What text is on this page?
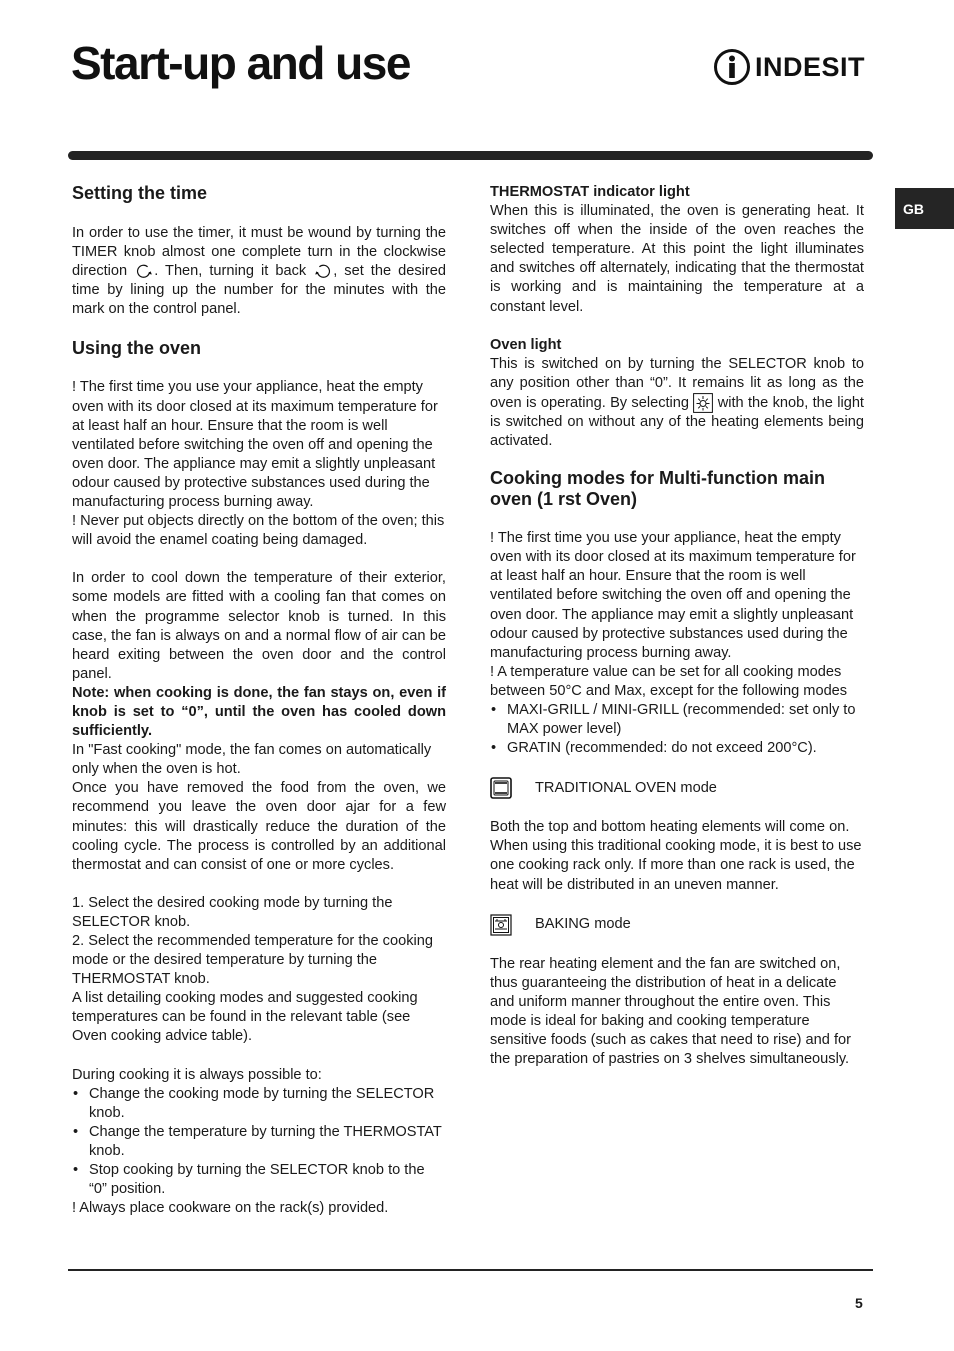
Start-up and use	INDESIT
GB
Setting the time

In order to use the timer, it must be wound by turning the TIMER knob almost one complete turn in the clockwise direction . Then, turning it back , set the desired time by lining up the number for the minutes with the mark on the control panel.

Using the oven

! The first time you use your appliance, heat the empty oven with its door closed at its maximum temperature for at least half an hour. Ensure that the room is well ventilated before switching the oven off and opening the oven door. The appliance may emit a slightly unpleasant odour caused by protective substances used during the manufacturing process burning away.

! Never put objects directly on the bottom of the oven; this will avoid the enamel coating being damaged.

In order to cool down the temperature of their exterior, some models are fitted with a cooling fan that comes on when the programme selector knob is turned. In this case, the fan is always on and a normal flow of air can be heard exiting between the oven door and the control panel.

Note: when cooking is done, the fan stays on, even if knob is set to “0”, until the oven has cooled down sufficiently.

In "Fast cooking" mode, the fan comes on automatically only when the oven is hot.

Once you have removed the food from the oven, we recommend you leave the oven door ajar for a few minutes: this will drastically reduce the duration of the cooling cycle. The process is controlled by an additional thermostat and can consist of one or more cycles.

1. Select the desired cooking mode by turning the SELECTOR knob.

2. Select the recommended temperature for the cooking mode or the desired temperature by turning the THERMOSTAT knob.

A list detailing cooking modes and suggested cooking temperatures can be found in the relevant table (see Oven cooking advice table).

During cooking it is always possible to:

• Change the cooking mode by turning the SELECTOR knob.
• Change the temperature by turning the THERMOSTAT knob.
• Stop cooking by turning the SELECTOR knob to the “0” position.

! Always place cookware on the rack(s) provided.

THERMOSTAT indicator light

When this is illuminated, the oven is generating heat. It switches off when the inside of the oven reaches the selected temperature. At this point the light illuminates and switches off alternately, indicating that the thermostat is working and is maintaining the temperature at a constant level.

Oven light

This is switched on by turning the SELECTOR knob to any position other than “0”. It remains lit as long as the oven is operating. By selecting with the knob, the light is switched on without any of the heating elements being activated.

Cooking modes for Multi-function main oven (1 rst Oven)

! The first time you use your appliance, heat the empty oven with its door closed at its maximum temperature for at least half an hour. Ensure that the room is well ventilated before switching the oven off and opening the oven door. The appliance may emit a slightly unpleasant odour caused by protective substances used during the manufacturing process burning away.

! A temperature value can be set for all cooking modes

between 50°C and Max, except for the following modes

• MAXI-GRILL / MINI-GRILL (recommended: set only to MAX power level)
• GRATIN (recommended: do not exceed 200°C).
TRADITIONAL OVEN mode

Both the top and bottom heating elements will come on. When using this traditional cooking mode, it is best to use one cooking rack only. If more than one rack is used, the heat will be distributed in an uneven manner.

BAKING mode

The rear heating element and the fan are switched on, thus guaranteeing the distribution of heat in a delicate and uniform manner throughout the entire oven. This mode is ideal for baking and cooking temperature sensitive foods (such as cakes that need to rise) and for the preparation of pastries on 3 shelves simultaneously.

5
